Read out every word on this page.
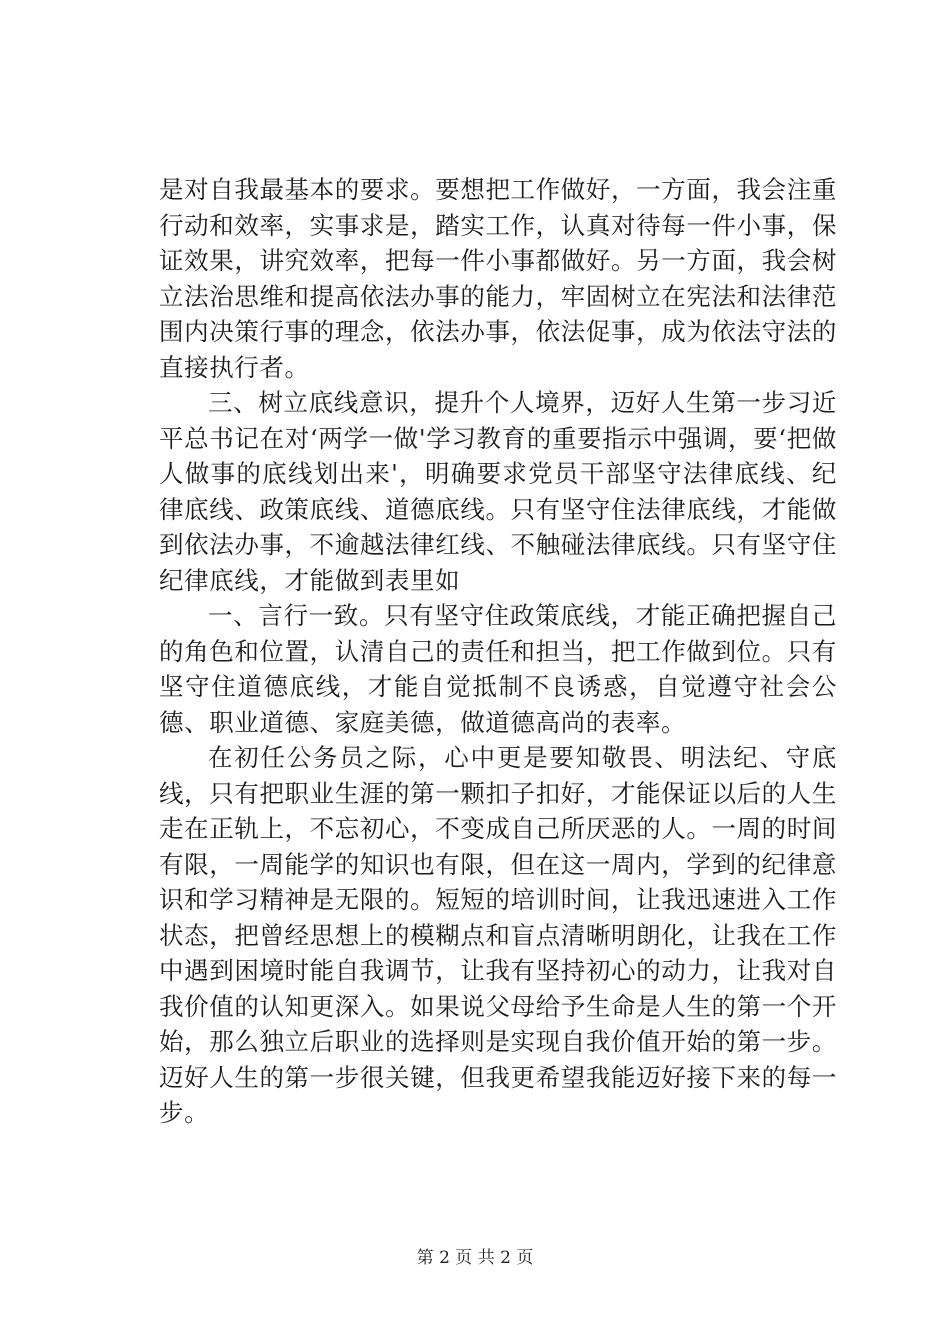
是对自我最基本的要求。要想把工作做好，一方面，我会注重行动和效率，实事求是，踏实工作，认真对待每一件小事，保证效果，讲究效率，把每一件小事都做好。另一方面，我会树立法治思维和提高依法办事的能力，牢固树立在宪法和法律范围内决策行事的理念，依法办事，依法促事，成为依法守法的直接执行者。

三、树立底线意识，提升个人境界，迈好人生第一步习近平总书记在对‘两学一做'学习教育的重要指示中强调，要‘把做人做事的底线划出来'，明确要求党员干部坚守法律底线、纪律底线、政策底线、道德底线。只有坚守住法律底线，才能做到依法办事，不逾越法律红线、不触碰法律底线。只有坚守住纪律底线，才能做到表里如

一、言行一致。只有坚守住政策底线，才能正确把握自己的角色和位置，认清自己的责任和担当，把工作做到位。只有坚守住道德底线，才能自觉抵制不良诱惑，自觉遵守社会公德、职业道德、家庭美德，做道德高尚的表率。

在初任公务员之际，心中更是要知敬畏、明法纪、守底线，只有把职业生涯的第一颗扣子扣好，才能保证以后的人生走在正轨上，不忘初心，不变成自己所厌恶的人。一周的时间有限，一周能学的知识也有限，但在这一周内，学到的纪律意识和学习精神是无限的。短短的培训时间，让我迅速进入工作状态，把曾经思想上的模糊点和盲点清晰明朗化，让我在工作中遇到困境时能自我调节，让我有坚持初心的动力，让我对自我价值的认知更深入。如果说父母给予生命是人生的第一个开始，那么独立后职业的选择则是实现自我价值开始的第一步。迈好人生的第一步很关键，但我更希望我能迈好接下来的每一步。

第 2 页 共 2 页
